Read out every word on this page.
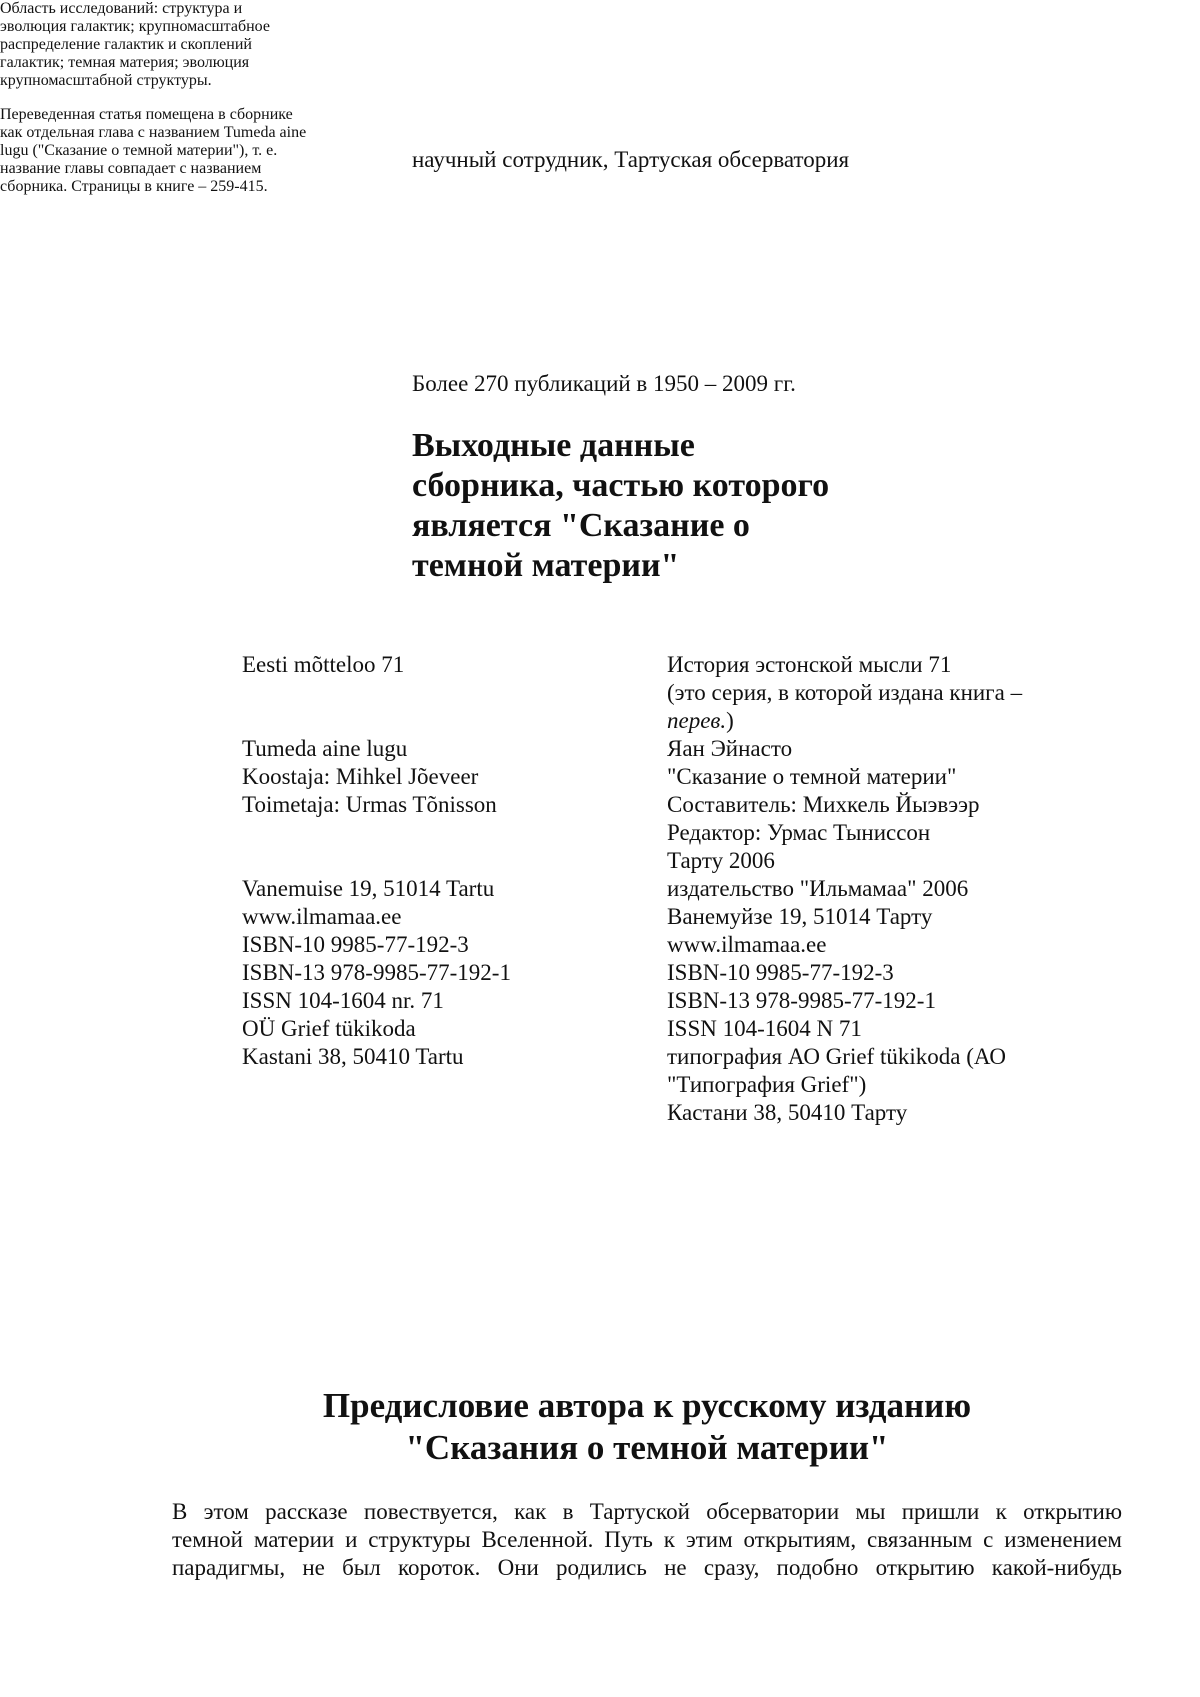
научный сотрудник, Тартуская обсерватория

Область исследований: структура и
эволюция галактик; крупномасштабное
распределение галактик и скоплений
галактик; темная материя; эволюция
крупномасштабной структуры.

Более 270 публикаций в 1950 – 2009 гг.

Выходные данные
сборника, частью которого
является "Сказание о
темной материи"
Eesti mõtteloo 71
Tumeda aine lugu
Koostaja: Mihkel Jõeveer
Toimetaja: Urmas Tõnisson
Vanemuise 19, 51014 Tartu
www.ilmamaa.ee
ISBN-10 9985-77-192-3
ISBN-13 978-9985-77-192-1
ISSN 104-1604 nr. 71
OÜ Grief tükikoda
Kastani 38, 50410 Tartu
История эстонской мысли 71
(это серия, в которой издана книга –
перев.)
Яан Эйнасто
"Сказание о темной материи"
Составитель: Михкель Йыэвээр
Редактор: Урмас Тыниссон
Тарту 2006
издательство "Ильмамаа" 2006
Ванемуйзе 19, 51014 Тарту
www.ilmamaa.ee
ISBN-10 9985-77-192-3
ISBN-13 978-9985-77-192-1
ISSN 104-1604 N 71
типография АО Grief tükikoda (АО
"Типография Grief")
Кастани 38, 50410 Тарту

Переведенная статья помещена в сборнике
как отдельная глава с названием Tumeda aine
lugu ("Сказание о темной материи"), т. е.
название главы совпадает с названием
сборника. Страницы в книге – 259-415.

Предисловие автора к русскому изданию
"Сказания о темной материи"
В этом рассказе повествуется, как в Тартуской обсерватории мы пришли к открытию
темной материи и структуры Вселенной. Путь к этим открытиям, связанным с изменением
парадигмы, не был короток. Они родились не сразу, подобно открытию какой-нибудь
